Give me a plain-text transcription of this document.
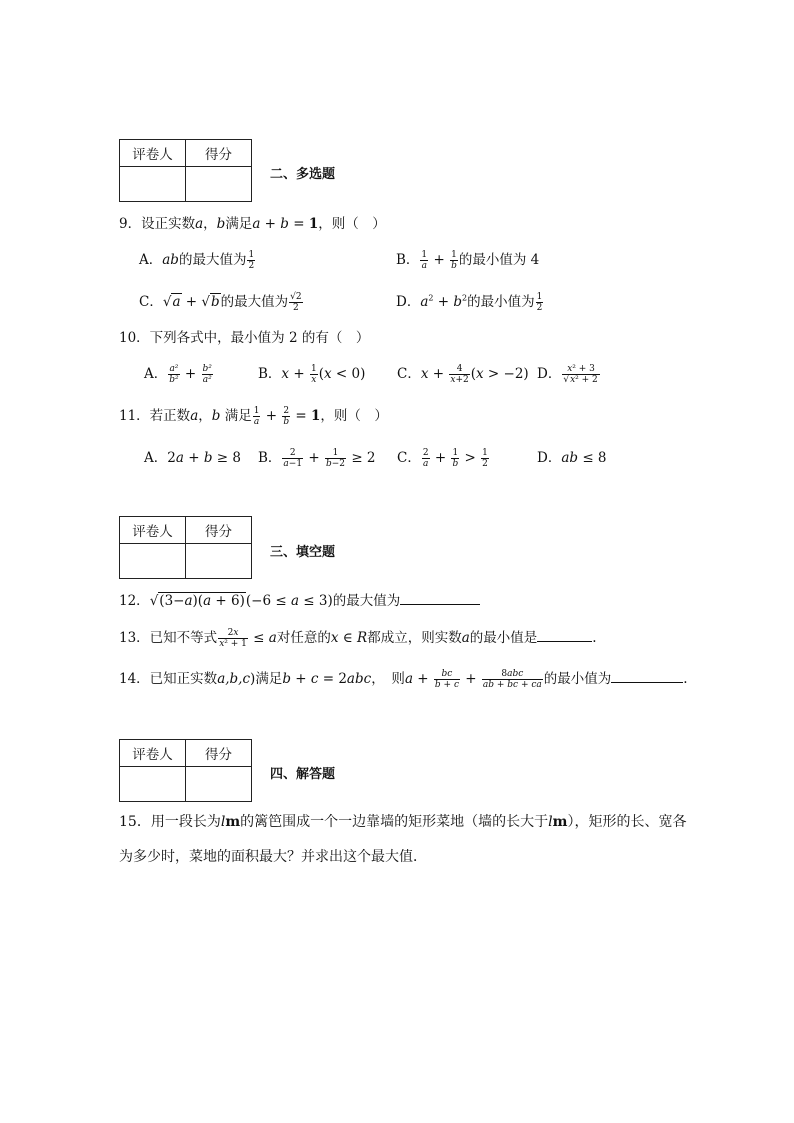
评卷人	得分

二、多选题
9．设正实数a，b满足a + b = 1，则（　）
A．ab的最大值为 $\frac{1}{2}$	B． $\frac{1}{a} + \frac{1}{b}$ 的最小值为 4
C．√a + √b的最大值为 $\frac{√2}{2}$	D．$a^2 + b^2$的最小值为 $\frac{1}{2}$
10．下列各式中，最小值为 2 的有（　）
A． $\frac{\text{a²}}{\text{b²}} + \frac{\text{b²}}{\text{a²}}$	B．$x + \frac{1}{x} (x < 0)$ C．$x + \frac{4}{x+2} (x > -2)$ D． $\frac{\text{x² + 3}}{\text{√x² + 2}}$
11．若正数a，b 满足 $\frac{1}{a} + \frac{2}{b} = 1$，则（　）
A．2a + b ≥ 8 B． $\frac{2}{a-1} + \frac{1}{b-2} \ge 2$ C． $\frac{2}{a} + \frac{1}{b} > \frac{1}{2}$	D．ab ≤ 8
评卷人	得分

三、填空题
12．√(3−a)(a + 6)(−6 ≤ a ≤ 3)的最大值为
13．已知不等式 $\frac{2x}{\text{x² + 1}} \le a$对任意的x ∈ R都成立，则实数a的最小值是	.
14．已知正实数a,b,c)满足b + c = 2abc，　则$a + \frac{bc}{b + c} + \frac{\text{8abc}}{ab + bc + ca}$ 的最小值为	.
评卷人	得分

四、解答题
15．用一段长为lm的篱笆围成一个一边靠墙的矩形菜地（墙的长大于lm），矩形的长、宽各
为多少时，菜地的面积最大？并求出这个最大值．
